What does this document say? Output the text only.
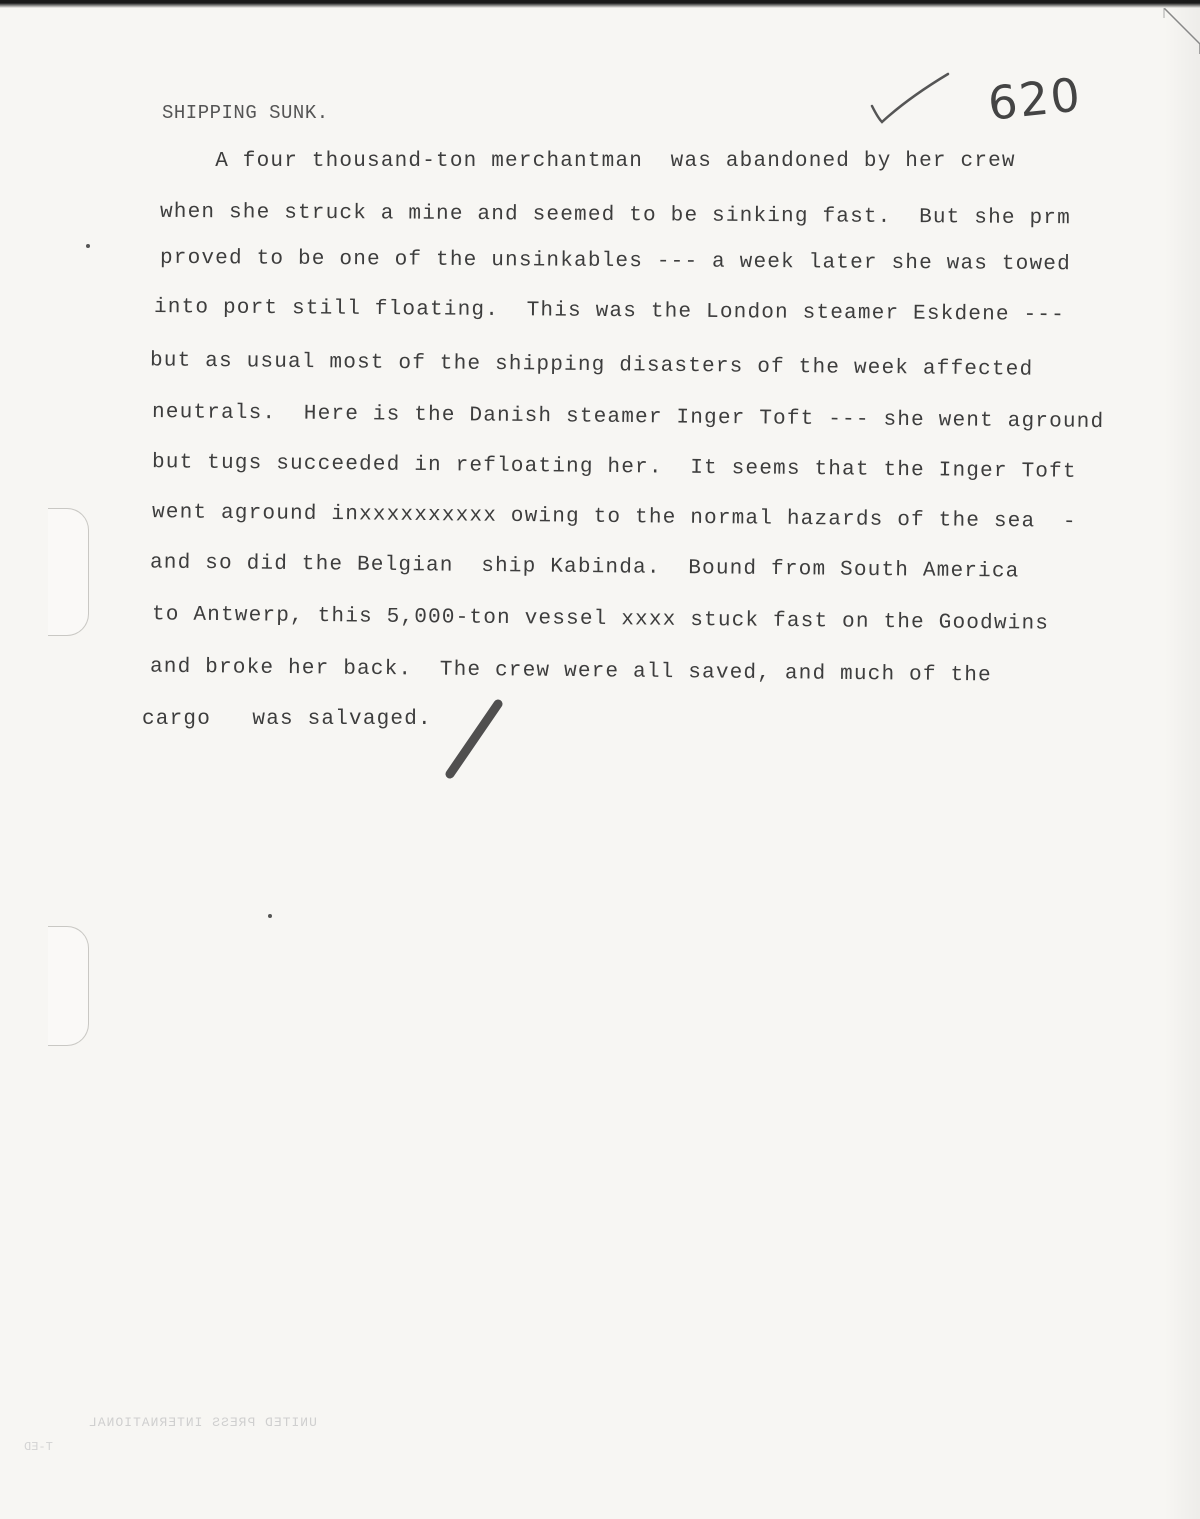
620
SHIPPING SUNK.
A four thousand-ton merchantman  was abandoned by her crew
when she struck a mine and seemed to be sinking fast.  But she prm
proved to be one of the unsinkables --- a week later she was towed
into port still floating.  This was the London steamer Eskdene ---
but as usual most of the shipping disasters of the week affected
neutrals.  Here is the Danish steamer Inger Toft --- she went aground
but tugs succeeded in refloating her.  It seems that the Inger Toft
went aground inxxxxxxxxxx owing to the normal hazards of the sea  -
and so did the Belgian  ship Kabinda.  Bound from South America
to Antwerp, this 5,000-ton vessel xxxx stuck fast on the Goodwins
and broke her back.  The crew were all saved, and much of the
cargo   was salvaged.
UNITED PRESS INTERNATIONAL
T-ED
